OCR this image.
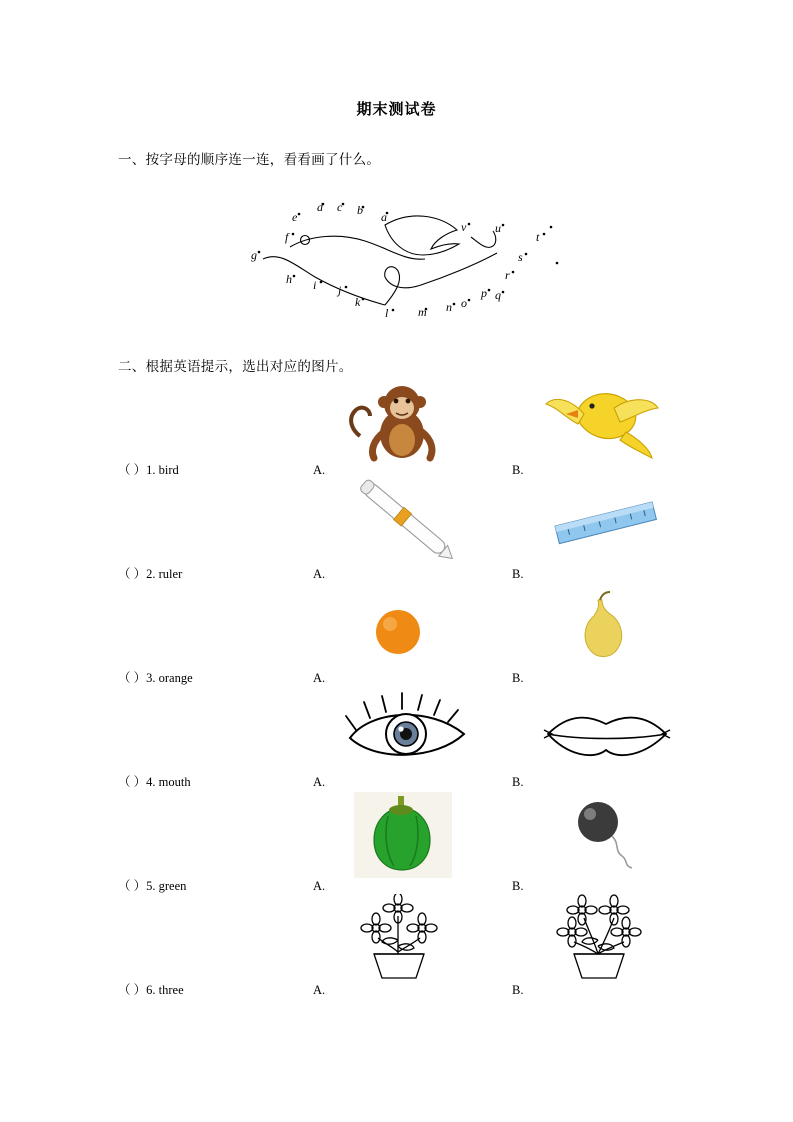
期末测试卷
一、按字母的顺序连一连，看看画了什么。
a
b
c
d
e
f
g
h i j
k
l m n o
p q
r
s
t
u
v
二、根据英语提示，选出对应的图片。
（ ）1. bird	A.	B.
（ ）2. ruler	A.	B.
（ ）3. orange	A.	B.
（ ）4. mouth	A.	B.
（ ）5. green	A.	B.
（ ）6. three	A.	B.
